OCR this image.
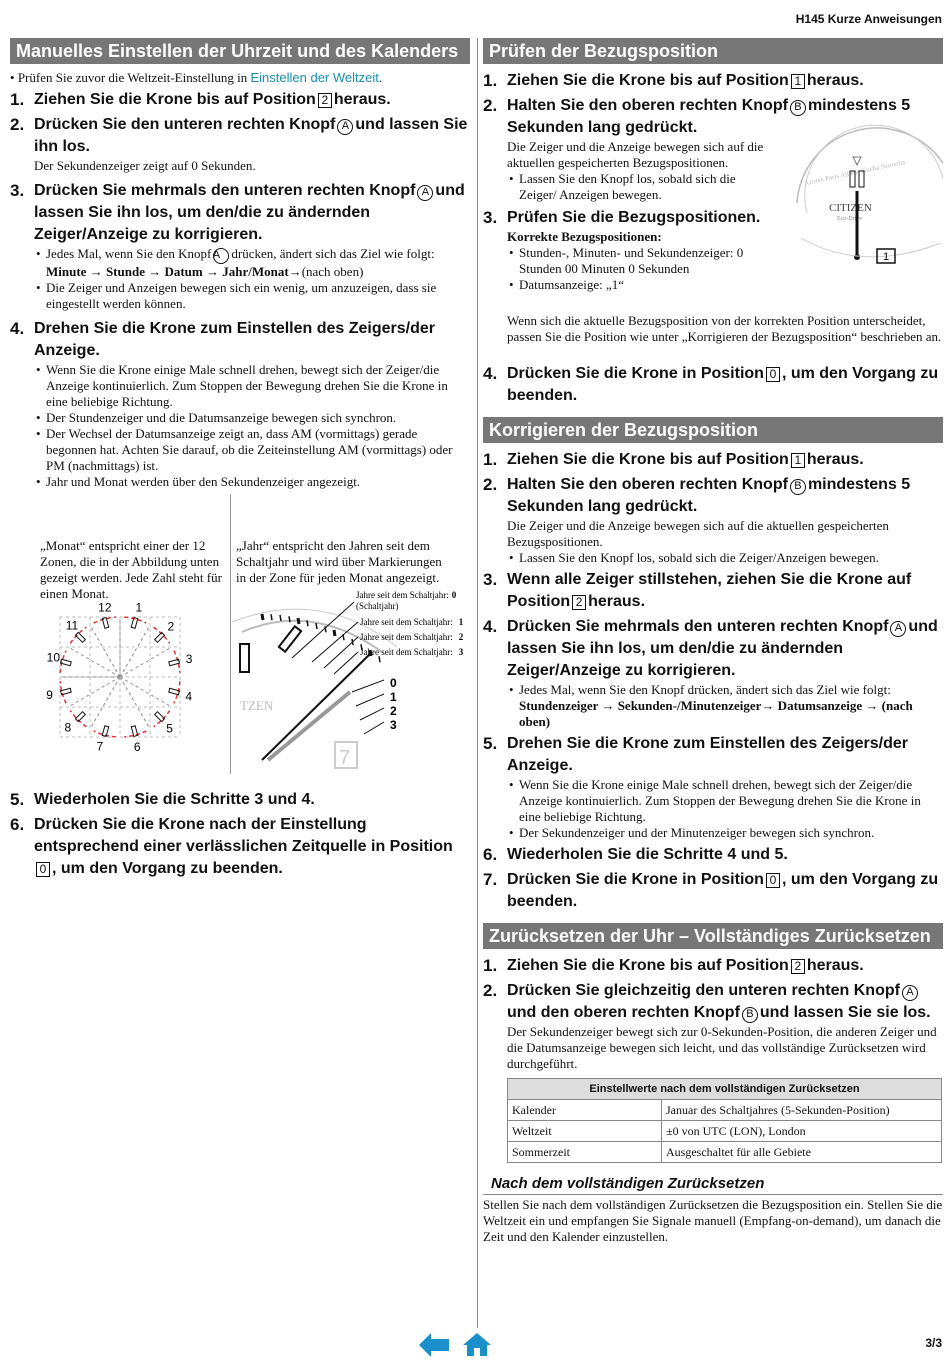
H145 Kurze Anweisungen
Manuelles Einstellen der Uhrzeit und des Kalenders
• Prüfen Sie zuvor die Weltzeit-Einstellung in Einstellen der Weltzeit.
1. Ziehen Sie die Krone bis auf Position 2 heraus.
2. Drücken Sie den unteren rechten Knopf A und lassen Sie ihn los.
Der Sekundenzeiger zeigt auf 0 Sekunden.
3. Drücken Sie mehrmals den unteren rechten Knopf A und lassen Sie ihn los, um den/die zu ändernden Zeiger/Anzeige zu korrigieren.
• Jedes Mal, wenn Sie den KnopfA drücken, ändert sich das Ziel wie folgt:
Minute → Stunde → Datum → Jahr/Monat→(nach oben)
• Die Zeiger und Anzeigen bewegen sich ein wenig, um anzuzeigen, dass sie eingestellt werden können.
4. Drehen Sie die Krone zum Einstellen des Zeigers/der Anzeige.
• Wenn Sie die Krone einige Male schnell drehen, bewegt sich der Zeiger/die Anzeige kontinuierlich. Zum Stoppen der Bewegung drehen Sie die Krone in eine beliebige Richtung.
• Der Stundenzeiger und die Datumsanzeige bewegen sich synchron.
• Der Wechsel der Datumsanzeige zeigt an, dass AM (vormittags) gerade begonnen hat. Achten Sie darauf, ob die Zeiteinstellung AM (vormittags) oder PM (nachmittags) ist.
• Jahr und Monat werden über den Sekundenzeiger angezeigt.
„Monat“ entspricht einer der 12 Zonen, die in der Abbildung unten gezeigt werden. Jede Zahl steht für einen Monat.
„Jahr“ entspricht den Jahren seit dem Schaltjahr und wird über Markierungen in der Zone für jeden Monat angezeigt.
1
2
3
4
5
6
7
8
9
10
11
12
TZEN
7
Jahre seit dem Schaltjahr: 0
(Schaltjahr)
Jahre seit dem Schaltjahr: 1
Jahre seit dem Schaltjahr: 2
Jahre seit dem Schaltjahr: 3
0
1
2
3
5. Wiederholen Sie die Schritte 3 und 4.
6. Drücken Sie die Krone nach der Einstellung entsprechend einer verlässlichen Zeitquelle in Position0 , um den Vorgang zu beenden.
Prüfen der Bezugsposition
1. Ziehen Sie die Krone bis auf Position 1 heraus.
2. Halten Sie den oberen rechten Knopf B mindestens 5 Sekunden lang gedrückt.
Die Zeiger und die Anzeige bewegen sich auf die aktuellen gespeicherten Bezugspositionen.
• Lassen Sie den Knopf los, sobald sich die Zeiger/ Anzeigen bewegen.
3. Prüfen Sie die Bezugspositionen.
Korrekte Bezugspositionen:
• Stunden-, Minuten- und Sekundenzeiger: 0 Stunden 00 Minuten 0 Sekunden
• Datumsanzeige: „1“
Azores Paris Athens Nucha Noronha
CITIZEN
Eco-Drive
1
Wenn sich die aktuelle Bezugsposition von der korrekten Position unterscheidet, passen Sie die Position wie unter „Korrigieren der Bezugsposition“ beschrieben an.
4. Drücken Sie die Krone in Position 0 , um den Vorgang zu beenden.
Korrigieren der Bezugsposition
1. Ziehen Sie die Krone bis auf Position 1 heraus.
2. Halten Sie den oberen rechten Knopf B mindestens 5 Sekunden lang gedrückt.
Die Zeiger und die Anzeige bewegen sich auf die aktuellen gespeicherten Bezugspositionen.
• Lassen Sie den Knopf los, sobald sich die Zeiger/Anzeigen bewegen.
3. Wenn alle Zeiger stillstehen, ziehen Sie die Krone auf Position 2 heraus.
4. Drücken Sie mehrmals den unteren rechten Knopf A und lassen Sie ihn los, um den/die zu ändernden Zeiger/Anzeige zu korrigieren.
• Jedes Mal, wenn Sie den Knopf drücken, ändert sich das Ziel wie folgt:
Stundenzeiger → Sekunden-/Minutenzeiger→ Datumsanzeige → (nach oben)
5. Drehen Sie die Krone zum Einstellen des Zeigers/der Anzeige.
• Wenn Sie die Krone einige Male schnell drehen, bewegt sich der Zeiger/die Anzeige kontinuierlich. Zum Stoppen der Bewegung drehen Sie die Krone in eine beliebige Richtung.
• Der Sekundenzeiger und der Minutenzeiger bewegen sich synchron.
6. Wiederholen Sie die Schritte 4 und 5.
7. Drücken Sie die Krone in Position 0 , um den Vorgang zu beenden.
Zurücksetzen der Uhr – Vollständiges Zurücksetzen
1. Ziehen Sie die Krone bis auf Position 2 heraus.
2. Drücken Sie gleichzeitig den unteren rechten Knopf Aund den oberen rechten Knopf B und lassen Sie sie los.
Der Sekundenzeiger bewegt sich zur 0-Sekunden-Position, die anderen Zeiger und die Datumsanzeige bewegen sich leicht, und das vollständige Zurücksetzen wird durchgeführt.
Einstellwerte nach dem vollständigen Zurücksetzen	
Kalender	Januar des Schaltjahres (5-Sekunden-Position)
Weltzeit	±0 von UTC (LON), London
Sommerzeit	Ausgeschaltet für alle Gebiete
Nach dem vollständigen Zurücksetzen
Stellen Sie nach dem vollständigen Zurücksetzen die Bezugsposition ein. Stellen Sie die Weltzeit ein und empfangen Sie Signale manuell (Empfang-on-demand), um danach die Zeit und den Kalender einzustellen.
3/3
